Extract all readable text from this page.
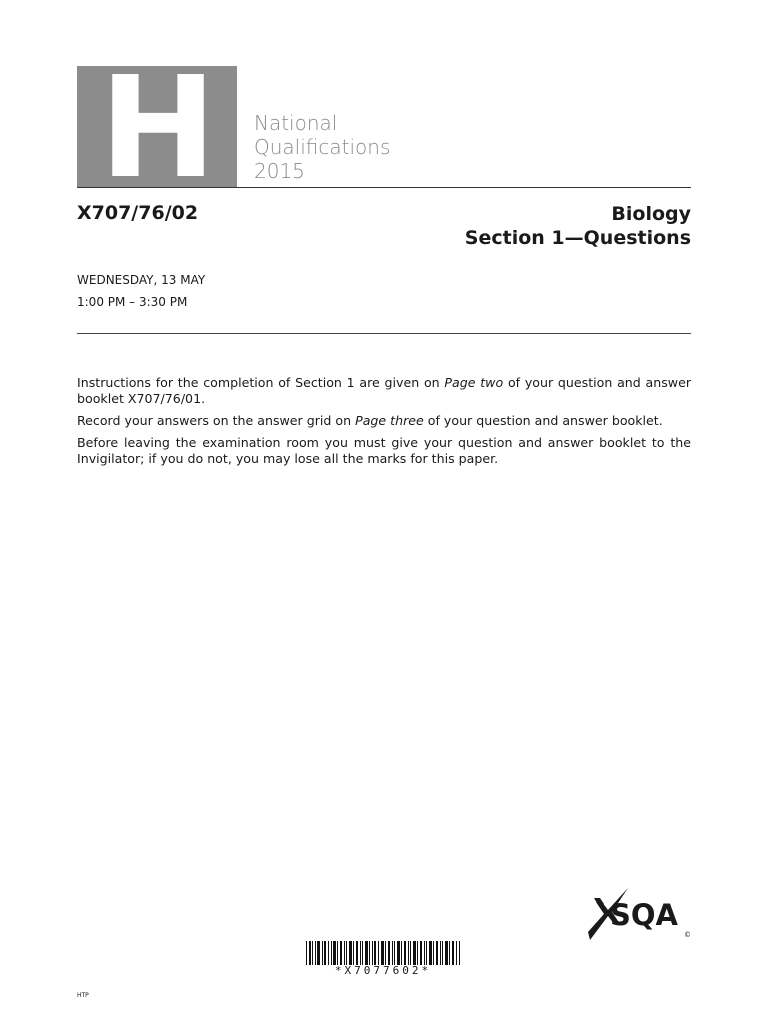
H	National
Qualifications
2015
X707/76/02	Biology
Section 1—Questions
WEDNESDAY, 13 MAY
1:00 PM – 3:30 PM

Instructions for the completion of Section 1 are given on Page two of your question and answer booklet X707/76/01.

Record your answers on the answer grid on Page three of your question and answer booklet.

Before leaving the examination room you must give your question and answer booklet to the Invigilator; if you do not, you may lose all the marks for this paper.

SQA
©
*X7077602*
HTP
